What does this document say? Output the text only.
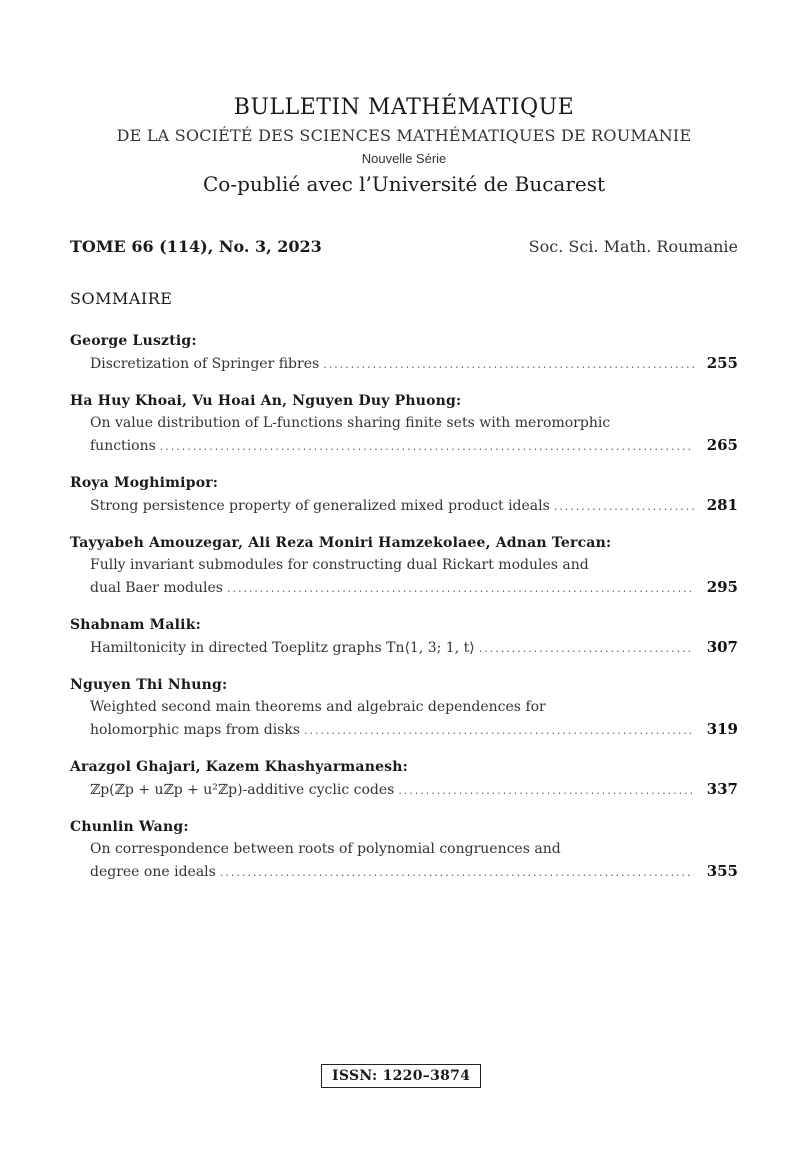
BULLETIN MATHÉMATIQUE
DE LA SOCIÉTÉ DES SCIENCES MATHÉMATIQUES DE ROUMANIE
Nouvelle Série
Co-publié avec l’Université de Bucarest
TOME 66 (114), No. 3, 2023	Soc. Sci. Math. Roumanie
SOMMAIRE
George Lusztig:
Discretization of Springer fibres .....	255
Ha Huy Khoai, Vu Hoai An, Nguyen Duy Phuong:
On value distribution of L-functions sharing finite sets with meromorphic
functions .....	265
Roya Moghimipor:
Strong persistence property of generalized mixed product ideals .....	281
Tayyabeh Amouzegar, Ali Reza Moniri Hamzekolaee, Adnan Tercan:
Fully invariant submodules for constructing dual Rickart modules and
dual Baer modules .....	295
Shabnam Malik:
Hamiltonicity in directed Toeplitz graphs Tn⟨1, 3; 1, t⟩ .....	307
Nguyen Thi Nhung:
Weighted second main theorems and algebraic dependences for
holomorphic maps from disks .....	319
Arazgol Ghajari, Kazem Khashyarmanesh:
ℤp(ℤp + uℤp + u²ℤp)-additive cyclic codes .....	337
Chunlin Wang:
On correspondence between roots of polynomial congruences and
degree one ideals .....	355
ISSN: 1220–3874
